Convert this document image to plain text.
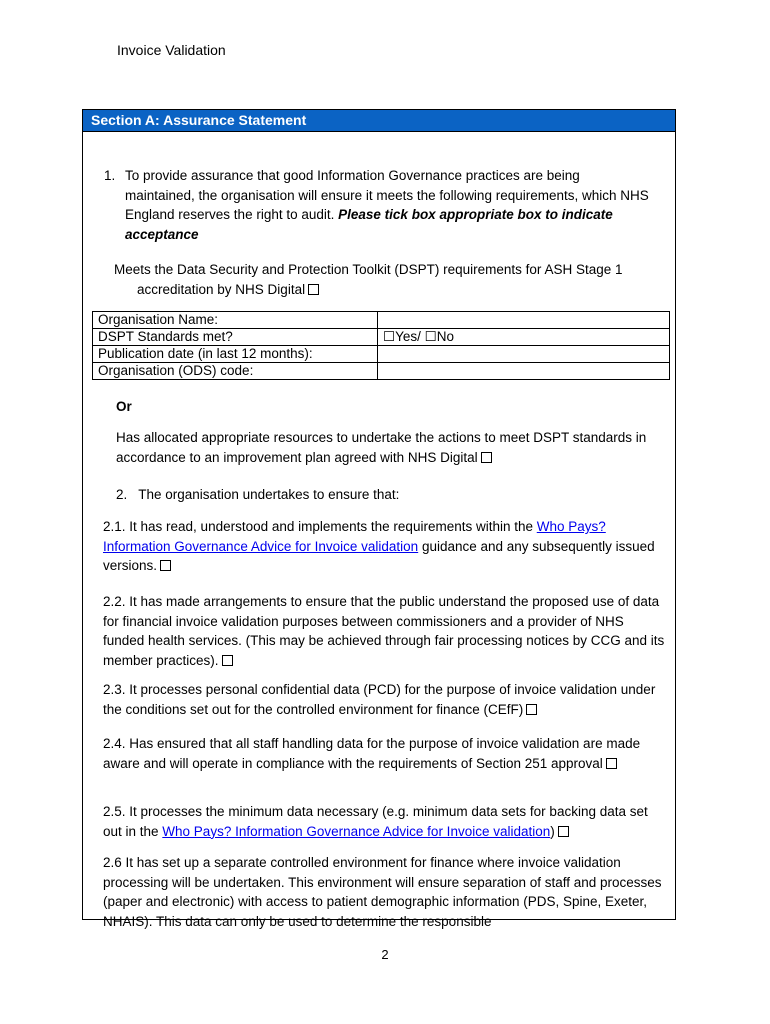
Invoice Validation
Section A: Assurance Statement
1. To provide assurance that good Information Governance practices are being maintained, the organisation will ensure it meets the following requirements, which NHS England reserves the right to audit. Please tick box appropriate box to indicate acceptance
Meets the Data Security and Protection Toolkit (DSPT) requirements for ASH Stage 1
accreditation by NHS Digital
Organisation Name:	
DSPT Standards met?	☐Yes/ ☐No
Publication date (in last 12 months):	
Organisation (ODS) code:	
Or
Has allocated appropriate resources to undertake the actions to meet DSPT standards in accordance to an improvement plan agreed with NHS Digital
2. The organisation undertakes to ensure that:
2.1. It has read, understood and implements the requirements within the Who Pays? Information Governance Advice for Invoice validation guidance and any subsequently issued versions.
2.2. It has made arrangements to ensure that the public understand the proposed use of data for financial invoice validation purposes between commissioners and a provider of NHS funded health services. (This may be achieved through fair processing notices by CCG and its member practices).
2.3. It processes personal confidential data (PCD) for the purpose of invoice validation under the conditions set out for the controlled environment for finance (CEfF)
2.4. Has ensured that all staff handling data for the purpose of invoice validation are made aware and will operate in compliance with the requirements of Section 251 approval
2.5. It processes the minimum data necessary (e.g. minimum data sets for backing data set out in the Who Pays? Information Governance Advice for Invoice validation)
2.6 It has set up a separate controlled environment for finance where invoice validation processing will be undertaken. This environment will ensure separation of staff and processes (paper and electronic) with access to patient demographic information (PDS, Spine, Exeter, NHAIS). This data can only be used to determine the responsible
2
